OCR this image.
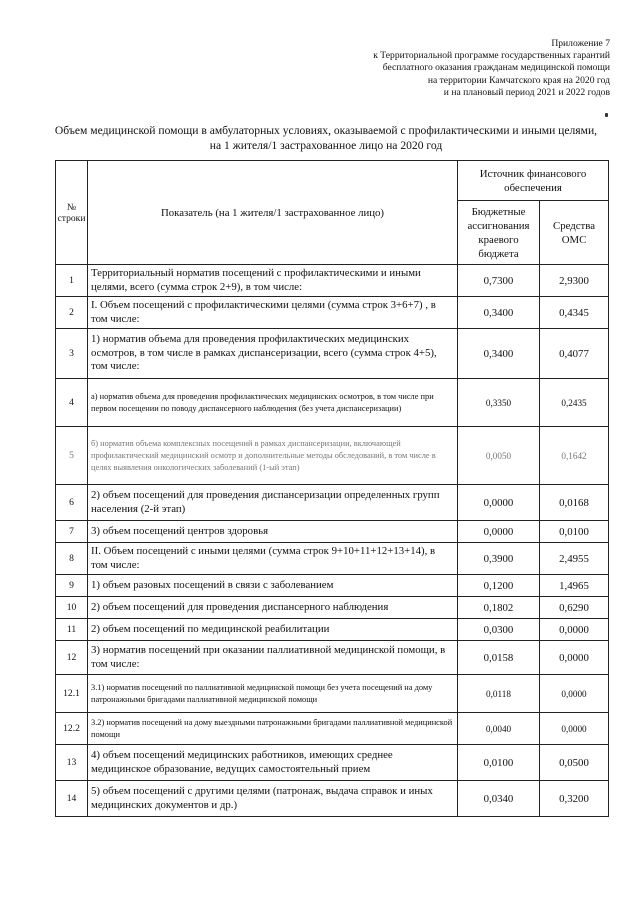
Приложение 7
к Территориальной программе государственных гарантий
бесплатного оказания гражданам медицинской помощи
на территории Камчатского края на 2020 год
и на плановый период 2021 и 2022 годов
Объем медицинской помощи в амбулаторных условиях, оказываемой с профилактическими и иными целями,
на 1 жителя/1 застрахованное лицо на 2020 год
№ строки	Показатель (на 1 жителя/1 застрахованное лицо)	Источник финансового обеспечения	
		Бюджетные ассигнования краевого бюджета	Средства ОМС
1	Территориальный норматив посещений с профилактическими и иными целями, всего (сумма строк 2+9), в том числе:	0,7300	2,9300
2	I. Объем посещений с профилактическими целями (сумма строк 3+6+7) , в том числе:	0,3400	0,4345
3	1) норматив объема для проведения профилактических медицинских осмотров, в том числе в рамках диспансеризации, всего (сумма строк 4+5), том числе:	0,3400	0,4077
4	а) норматив объема для проведения профилактических медицинских осмотров, в том числе при первом посещении по поводу диспансерного наблюдения (без учета диспансеризации)	0,3350	0,2435
5	б) норматив объема комплексных посещений в рамках диспансеризации, включающей профилактический медицинский осмотр и дополнительные методы обследований, в том числе в целях выявления онкологических заболеваний (1-ый этап)	0,0050	0,1642
6	2) объем посещений для проведения диспансеризации определенных групп населения (2-й этап)	0,0000	0,0168
7	3) объем посещений центров здоровья	0,0000	0,0100
8	II. Объем посещений с иными целями (сумма строк 9+10+11+12+13+14), в том числе:	0,3900	2,4955
9	1) объем разовых посещений в связи с заболеванием	0,1200	1,4965
10	2) объем посещений для проведения диспансерного наблюдения	0,1802	0,6290
11	2) объем посещений по медицинской реабилитации	0,0300	0,0000
12	3) норматив посещений при оказании паллиативной медицинской помощи, в том числе:	0,0158	0,0000
12.1	3.1) норматив посещений по паллиативной медицинской помощи без учета посещений на дому патронажными бригадами паллиативной медицинской помощи	0,0118	0,0000
12.2	3.2) норматив посещений на дому выездными патронажными бригадами паллиативной медицинской помощи	0,0040	0,0000
13	4) объем посещений медицинских работников, имеющих среднее медицинское образование, ведущих самостоятельный прием	0,0100	0,0500
14	5) объем посещений с другими целями (патронаж, выдача справок и иных медицинских документов и др.)	0,0340	0,3200
